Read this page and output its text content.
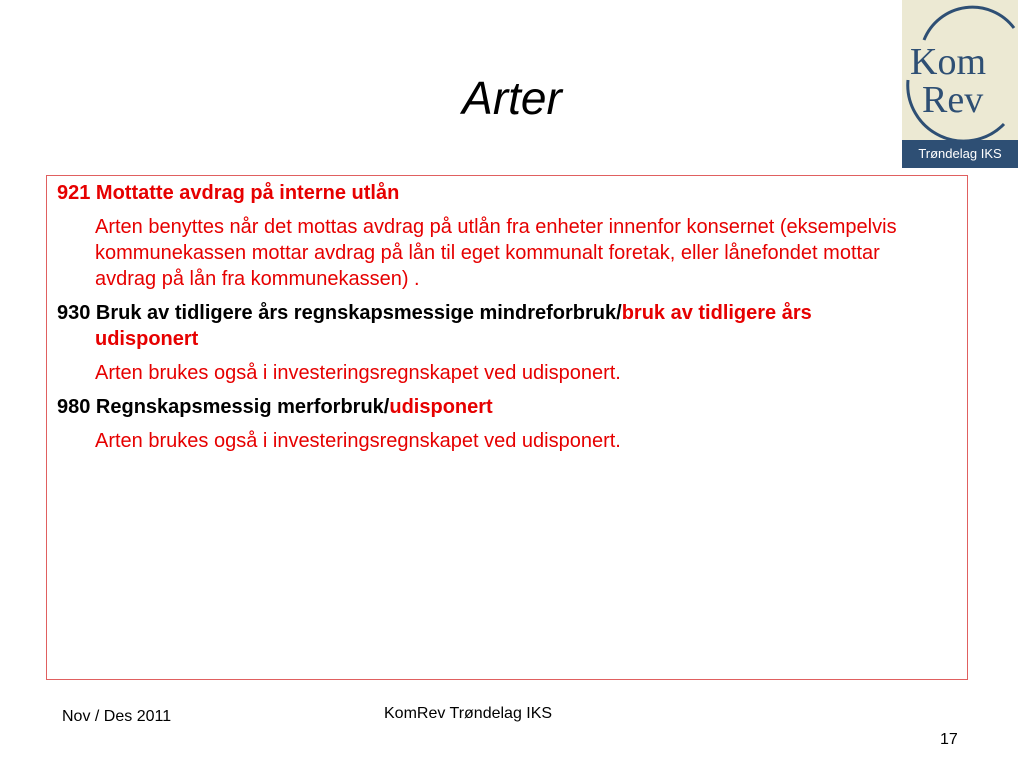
Arter
Kom
Rev
Trøndelag IKS

921 Mottatte avdrag på interne utlån

Arten benyttes når det mottas avdrag på utlån fra enheter innenfor konsernet (eksempelvis kommunekassen mottar avdrag på lån til eget kommunalt foretak, eller lånefondet mottar avdrag på lån fra kommunekassen) .

930 Bruk av tidligere års regnskapsmessige mindreforbruk/bruk av tidligere års udisponert

Arten brukes også i investeringsregnskapet ved udisponert.

980 Regnskapsmessig merforbruk/udisponert

Arten brukes også i investeringsregnskapet ved udisponert.

Nov / Des 2011	KomRev Trøndelag IKS
17
